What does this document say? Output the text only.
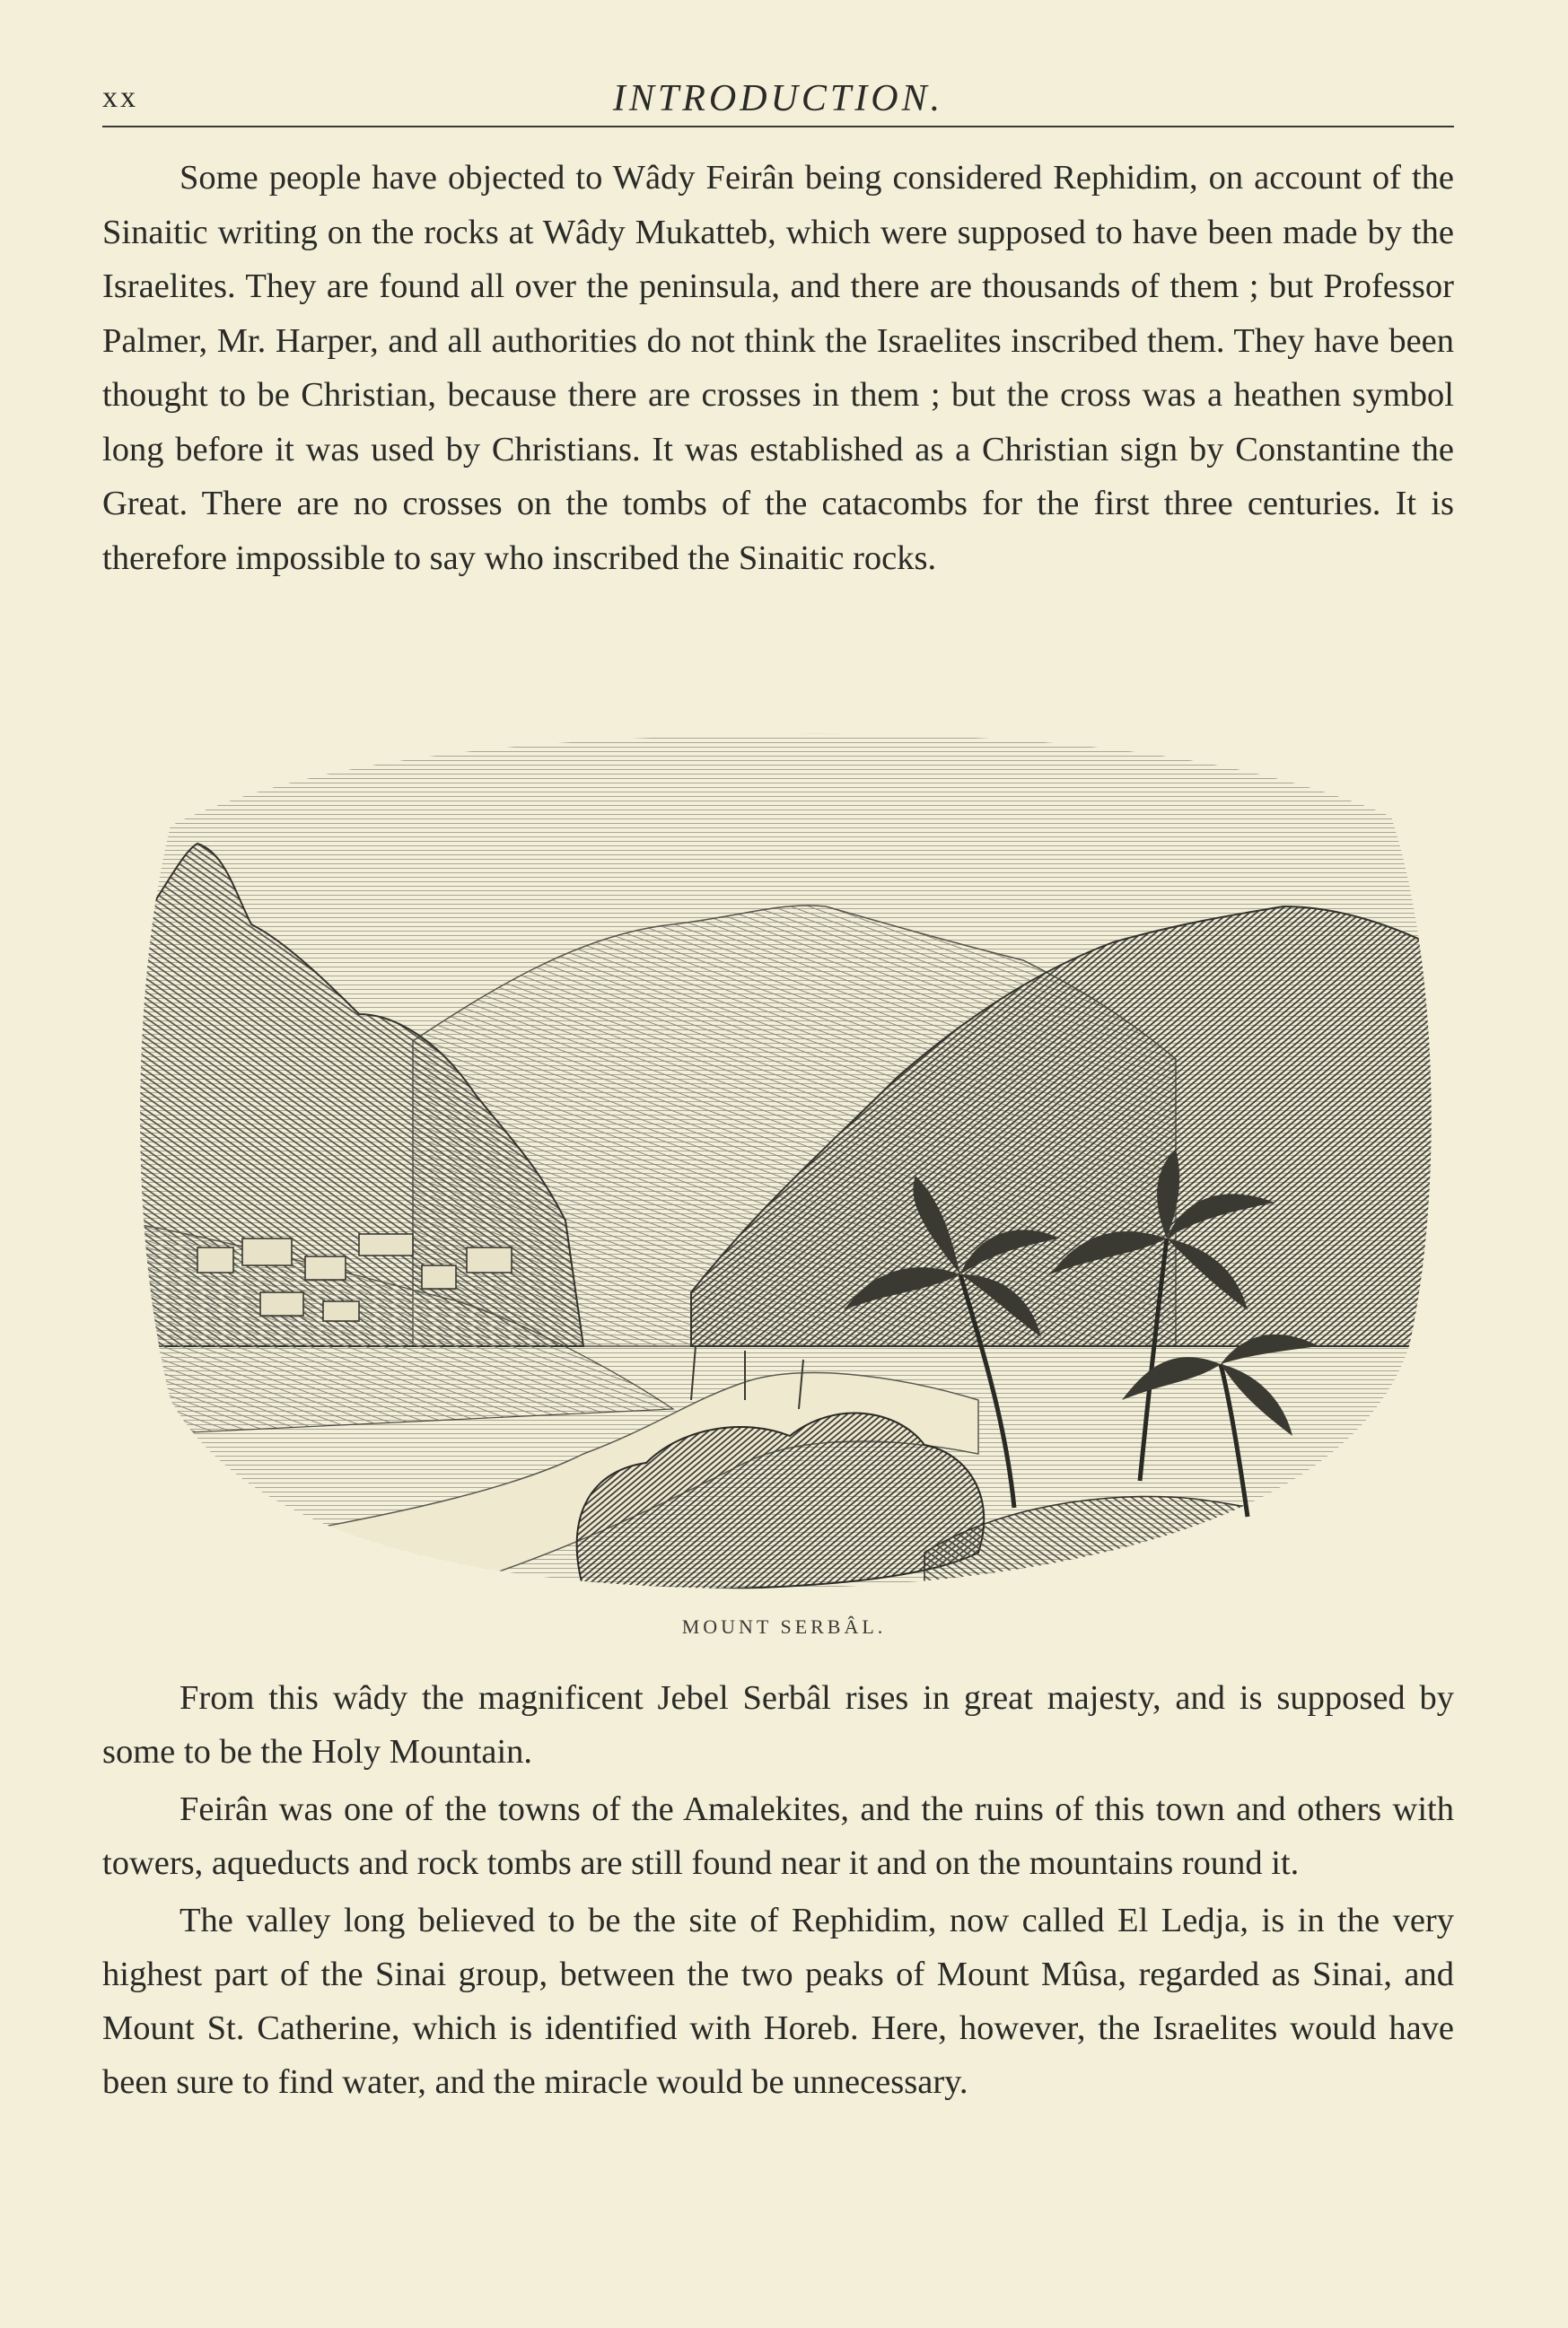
xx	INTRODUCTION.

Some people have objected to Wâdy Feirân being considered Rephidim, on account of the Sinaitic writing on the rocks at Wâdy Mukatteb, which were supposed to have been made by the Israelites. They are found all over the peninsula, and there are thousands of them ; but Professor Palmer, Mr. Harper, and all authorities do not think the Israelites inscribed them. They have been thought to be Christian, because there are crosses in them ; but the cross was a heathen symbol long before it was used by Christians. It was established as a Christian sign by Constantine the Great. There are no crosses on the tombs of the catacombs for the first three centuries. It is therefore impossible to say who inscribed the Sinaitic rocks.

MOUNT SERBÂL.

From this wâdy the magnificent Jebel Serbâl rises in great majesty, and is supposed by some to be the Holy Mountain.

Feirân was one of the towns of the Amalekites, and the ruins of this town and others with towers, aqueducts and rock tombs are still found near it and on the mountains round it.

The valley long believed to be the site of Rephidim, now called El Ledja, is in the very highest part of the Sinai group, between the two peaks of Mount Mûsa, regarded as Sinai, and Mount St. Catherine, which is identified with Horeb. Here, however, the Israelites would have been sure to find water, and the miracle would be unnecessary.
